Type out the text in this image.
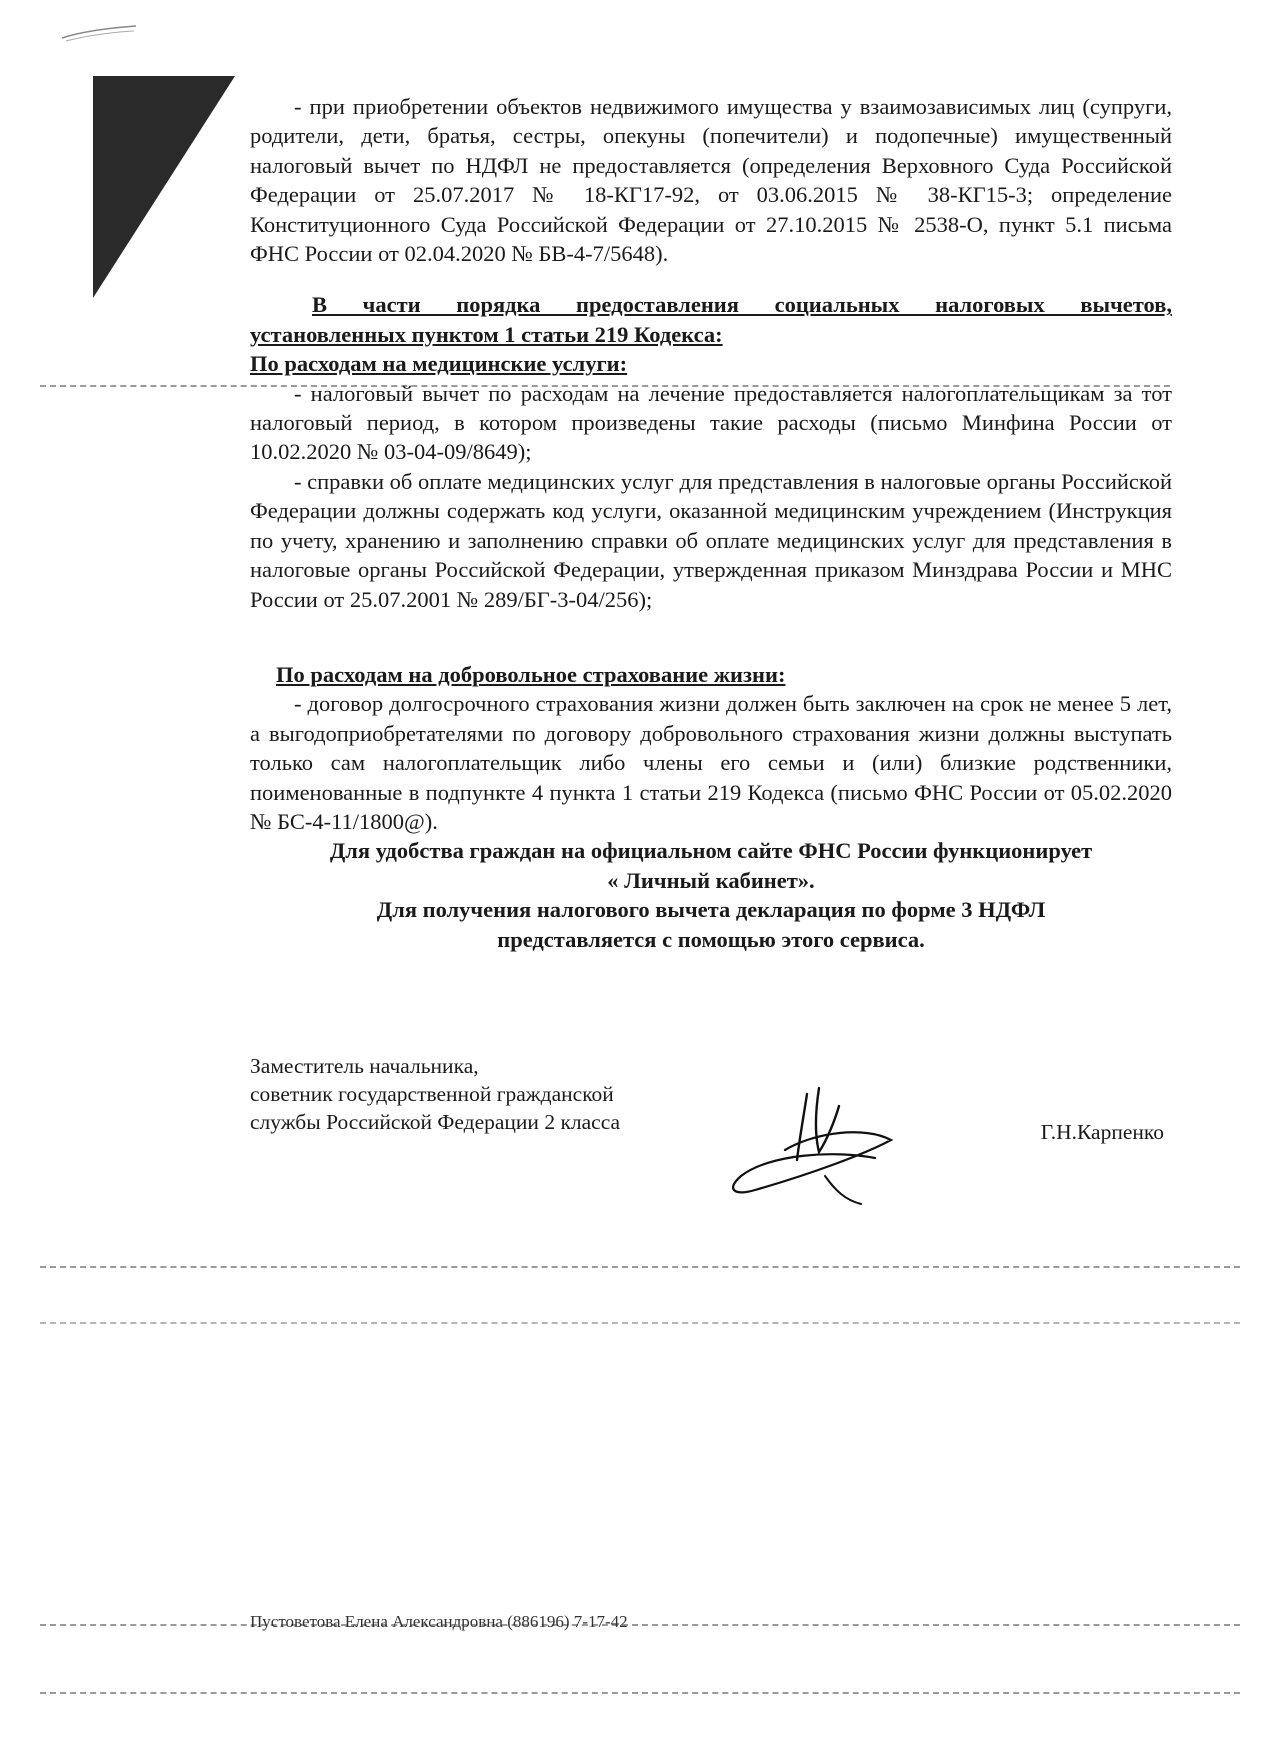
- при приобретении объектов недвижимого имущества у взаимозависимых лиц (супруги, родители, дети, братья, сестры, опекуны (попечители) и подопечные) имущественный налоговый вычет по НДФЛ не предоставляется (определения Верховного Суда Российской Федерации от 25.07.2017 № 18-КГ17-92, от 03.06.2015 № 38-КГ15-3; определение Конституционного Суда Российской Федерации от 27.10.2015 № 2538-О, пункт 5.1 письма ФНС России от 02.04.2020 № БВ-4-7/5648).

В части порядка предоставления социальных налоговых вычетов,

установленных пунктом 1 статьи 219 Кодекса:

По расходам на медицинские услуги:

- налоговый вычет по расходам на лечение предоставляется налогоплательщикам за тот налоговый период, в котором произведены такие расходы (письмо Минфина России от 10.02.2020 № 03-04-09/8649);

- справки об оплате медицинских услуг для представления в налоговые органы Российской Федерации должны содержать код услуги, оказанной медицинским учреждением (Инструкция по учету, хранению и заполнению справки об оплате медицинских услуг для представления в налоговые органы Российской Федерации, утвержденная приказом Минздрава России и МНС России от 25.07.2001 № 289/БГ-3-04/256);

По расходам на добровольное страхование жизни:

- договор долгосрочного страхования жизни должен быть заключен на срок не менее 5 лет, а выгодоприобретателями по договору добровольного страхования жизни должны выступать только сам налогоплательщик либо члены его семьи и (или) близкие родственники, поименованные в подпункте 4 пункта 1 статьи 219 Кодекса (письмо ФНС России от 05.02.2020 № БС-4-11/1800@).

Для удобства граждан на официальном сайте ФНС России функционирует

« Личный кабинет».

Для получения налогового вычета декларация по форме 3 НДФЛ

представляется с помощью этого сервиса.

Заместитель начальника,
советник государственной гражданской
службы Российской Федерации 2 класса	Г.Н.Карпенко
Пустоветова Елена Александровна (886196) 7-17-42
